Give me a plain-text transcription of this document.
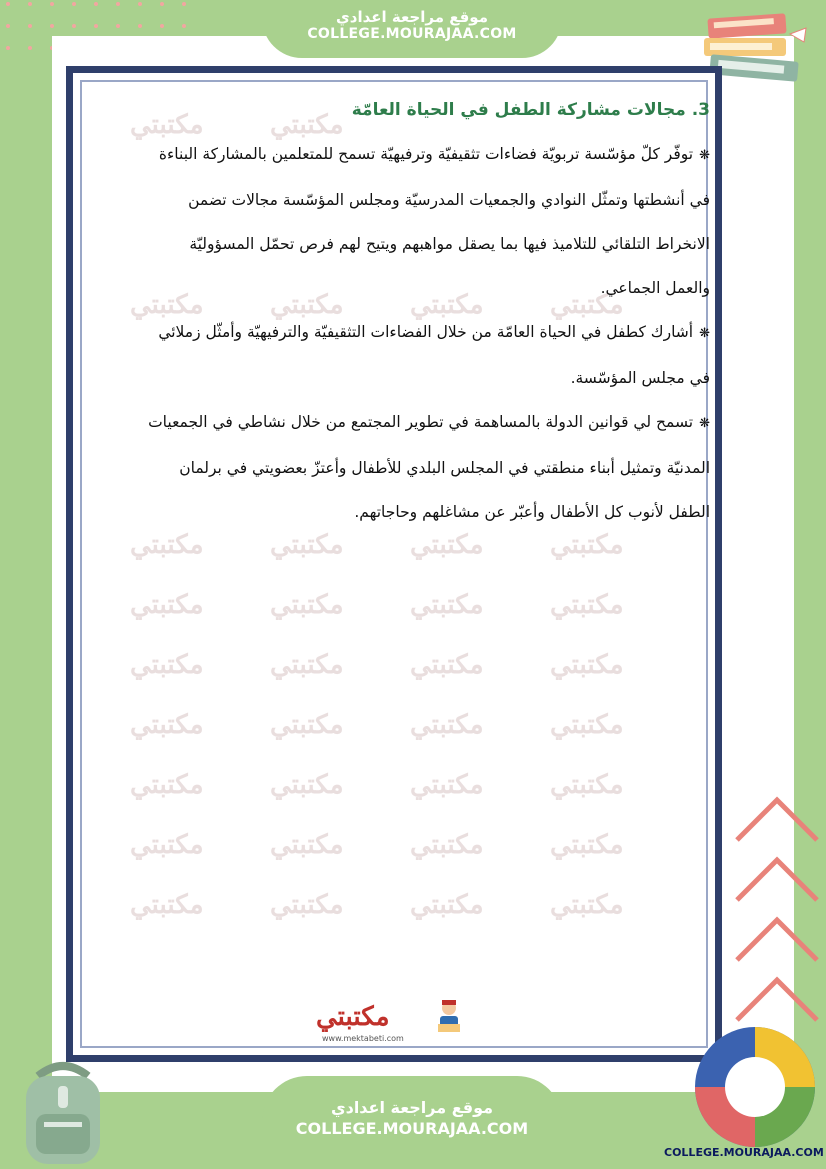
موقع مراجعة اعدادي
COLLEGE.MOURAJAA.COM
مكتبتي	مكتبتي
مكتبتي	مكتبتي	مكتبتي	مكتبتي
مكتبتي	مكتبتي	مكتبتي	مكتبتي
مكتبتي	مكتبتي	مكتبتي	مكتبتي
مكتبتي	مكتبتي	مكتبتي	مكتبتي
مكتبتي	مكتبتي	مكتبتي	مكتبتي
مكتبتي	مكتبتي	مكتبتي	مكتبتي
مكتبتي	مكتبتي	مكتبتي	مكتبتي
مكتبتي	مكتبتي	مكتبتي	مكتبتي
3. مجالات مشاركة الطفل في الحياة العامّة
❋توفّر كلّ مؤسّسة تربويّة فضاءات تثقيفيّة وترفيهيّة تسمح للمتعلمين بالمشاركة البناءة
في أنشطتها وتمثّل النوادي والجمعيات المدرسيّة ومجلس المؤسّسة مجالات تضمن
الانخراط التلقائي للتلاميذ فيها بما يصقل مواهبهم ويتيح لهم فرص تحمّل المسؤوليّة
والعمل الجماعي.
❋أشارك كطفل في الحياة العامّة من خلال الفضاءات التثقيفيّة والترفيهيّة وأمثّل زملائي
في مجلس المؤسّسة.
❋تسمح لي قوانين الدولة بالمساهمة في تطوير المجتمع من خلال نشاطي في الجمعيات
المدنيّة وتمثيل أبناء منطقتي في المجلس البلدي للأطفال وأعتزّ بعضويتي في برلمان
الطفل لأنوب كل الأطفال وأعبّر عن مشاغلهم وحاجاتهم.
مكتبتي
www.mektabeti.com
موقع مراجعة اعدادي
COLLEGE.MOURAJAA.COM
COLLEGE.MOURAJAA.COM
